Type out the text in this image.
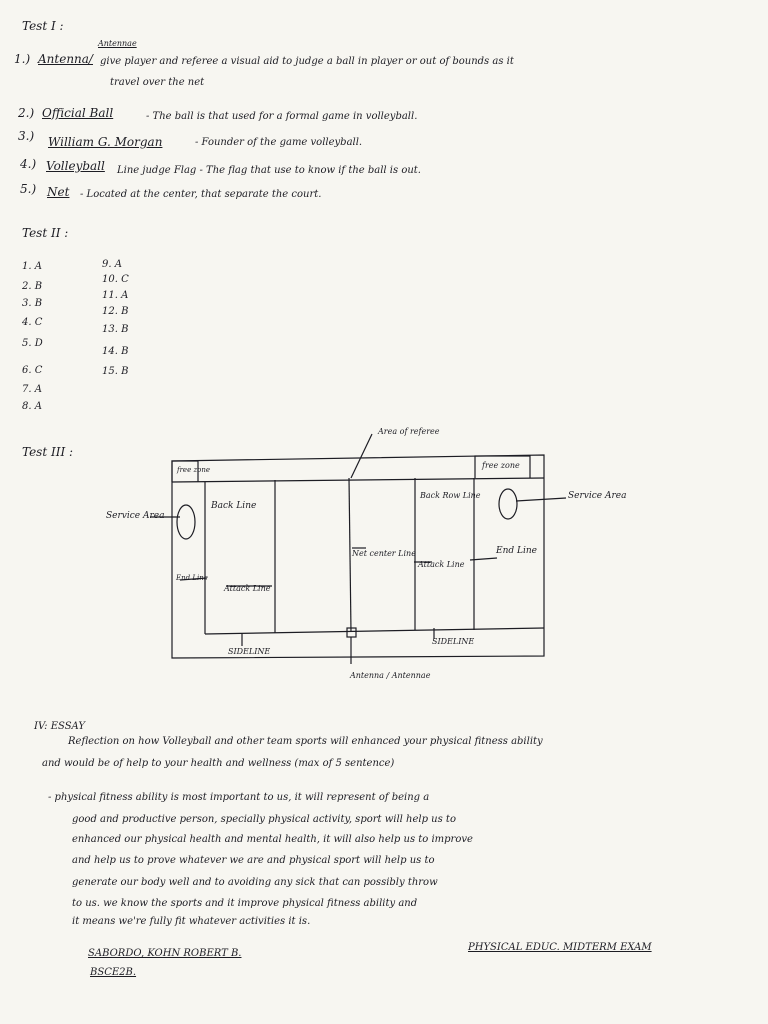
Test I :
1.) Antenna/
Antennae
give player and referee a visual aid to judge a ball in player or out of bounds as it
travel over the net
2.) Official Ball	- The ball is that used for a formal game in volleyball.
3.) William G. Morgan	- Founder of the game volleyball.
4.) Volleyball Line judge Flag - The flag that use to know if the ball is out.
5.) Net - Located at the center, that separate the court.
Test II :
1. A
2. B
3. B
4. C
5. D
6. C
7. A
8. A
9. A
10. C
11. A
12. B
13. B
14. B
15. B
Test III :
Area of referee
free zone	free zone
Service Area
Service Area
Back Line
Back Row Line
Net center Line
Attack Line
Attack Line
End Line
End Line
SIDELINE
SIDELINE
Antenna / Antennae
IV: ESSAY
Reflection on how Volleyball and other team sports will enhanced your physical fitness ability
and would be of help to your health and wellness (max of 5 sentence)
- physical fitness ability is most important to us, it will represent of being a
good and productive person, specially physical activity, sport will help us to
enhanced our physical health and mental health, it will also help us to improve
and help us to prove whatever we are and physical sport will help us to
generate our body well and to avoiding any sick that can possibly throw
to us. we know the sports and it improve physical fitness ability and
it means we're fully fit whatever activities it is.
SABORDO, KOHN ROBERT B.
BSCE2B.
PHYSICAL EDUC. MIDTERM EXAM
